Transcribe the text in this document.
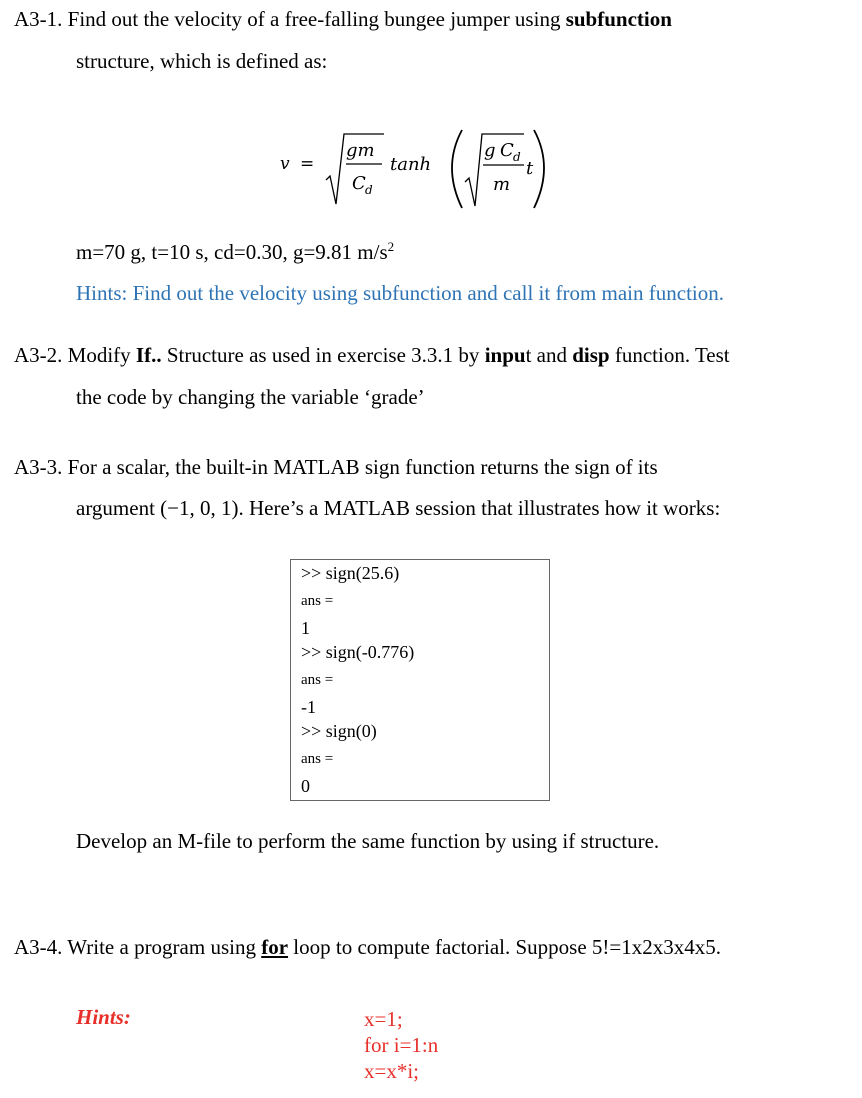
A3-1. Find out the velocity of a free-falling bungee jumper using subfunction
structure, which is defined as:
v =
gm
C d
tanh
g C d
m
t
m=70 g, t=10 s, cd=0.30, g=9.81 $m/s^2$
Hints: Find out the velocity using subfunction and call it from main function.
A3-2. Modify If.. Structure as used in exercise 3.3.1 by input and disp function. Test
the code by changing the variable ‘grade’
A3-3. For a scalar, the built-in MATLAB sign function returns the sign of its
argument (−1, 0, 1). Here’s a MATLAB session that illustrates how it works:
>> sign(25.6)
ans =
1
>> sign(-0.776)
ans =
-1
>> sign(0)
ans =
0
Develop an M-file to perform the same function by using if structure.
A3-4. Write a program using for loop to compute factorial. Suppose 5!=1x2x3x4x5.
Hints:	x=1;
for i=1:n
x=x*i;
